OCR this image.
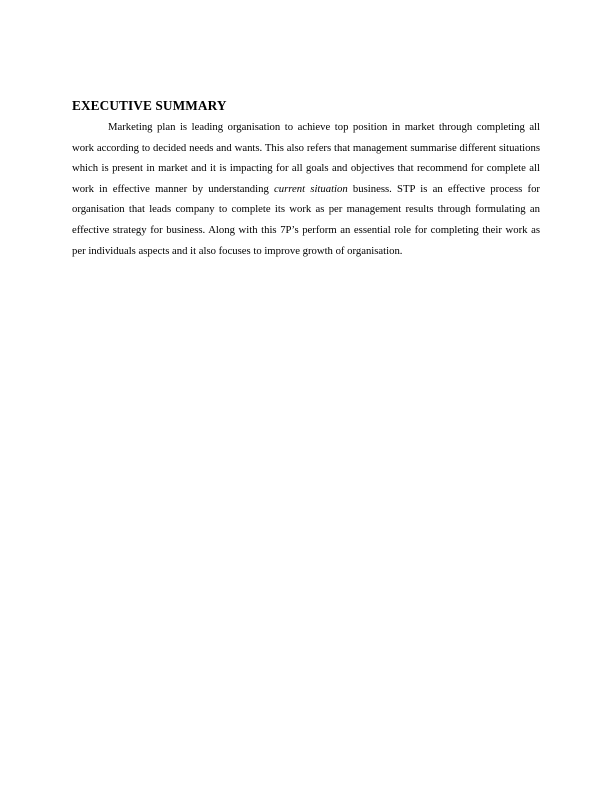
EXECUTIVE SUMMARY

Marketing plan is leading organisation to achieve top position in market through completing all work according to decided needs and wants. This also refers that management summarise different situations which is present in market and it is impacting for all goals and objectives that recommend for complete all work in effective manner by understanding current situation business. STP is an effective process for organisation that leads company to complete its work as per management results through formulating an effective strategy for business. Along with this 7P’s perform an essential role for completing their work as per individuals aspects and it also focuses to improve growth of organisation.
